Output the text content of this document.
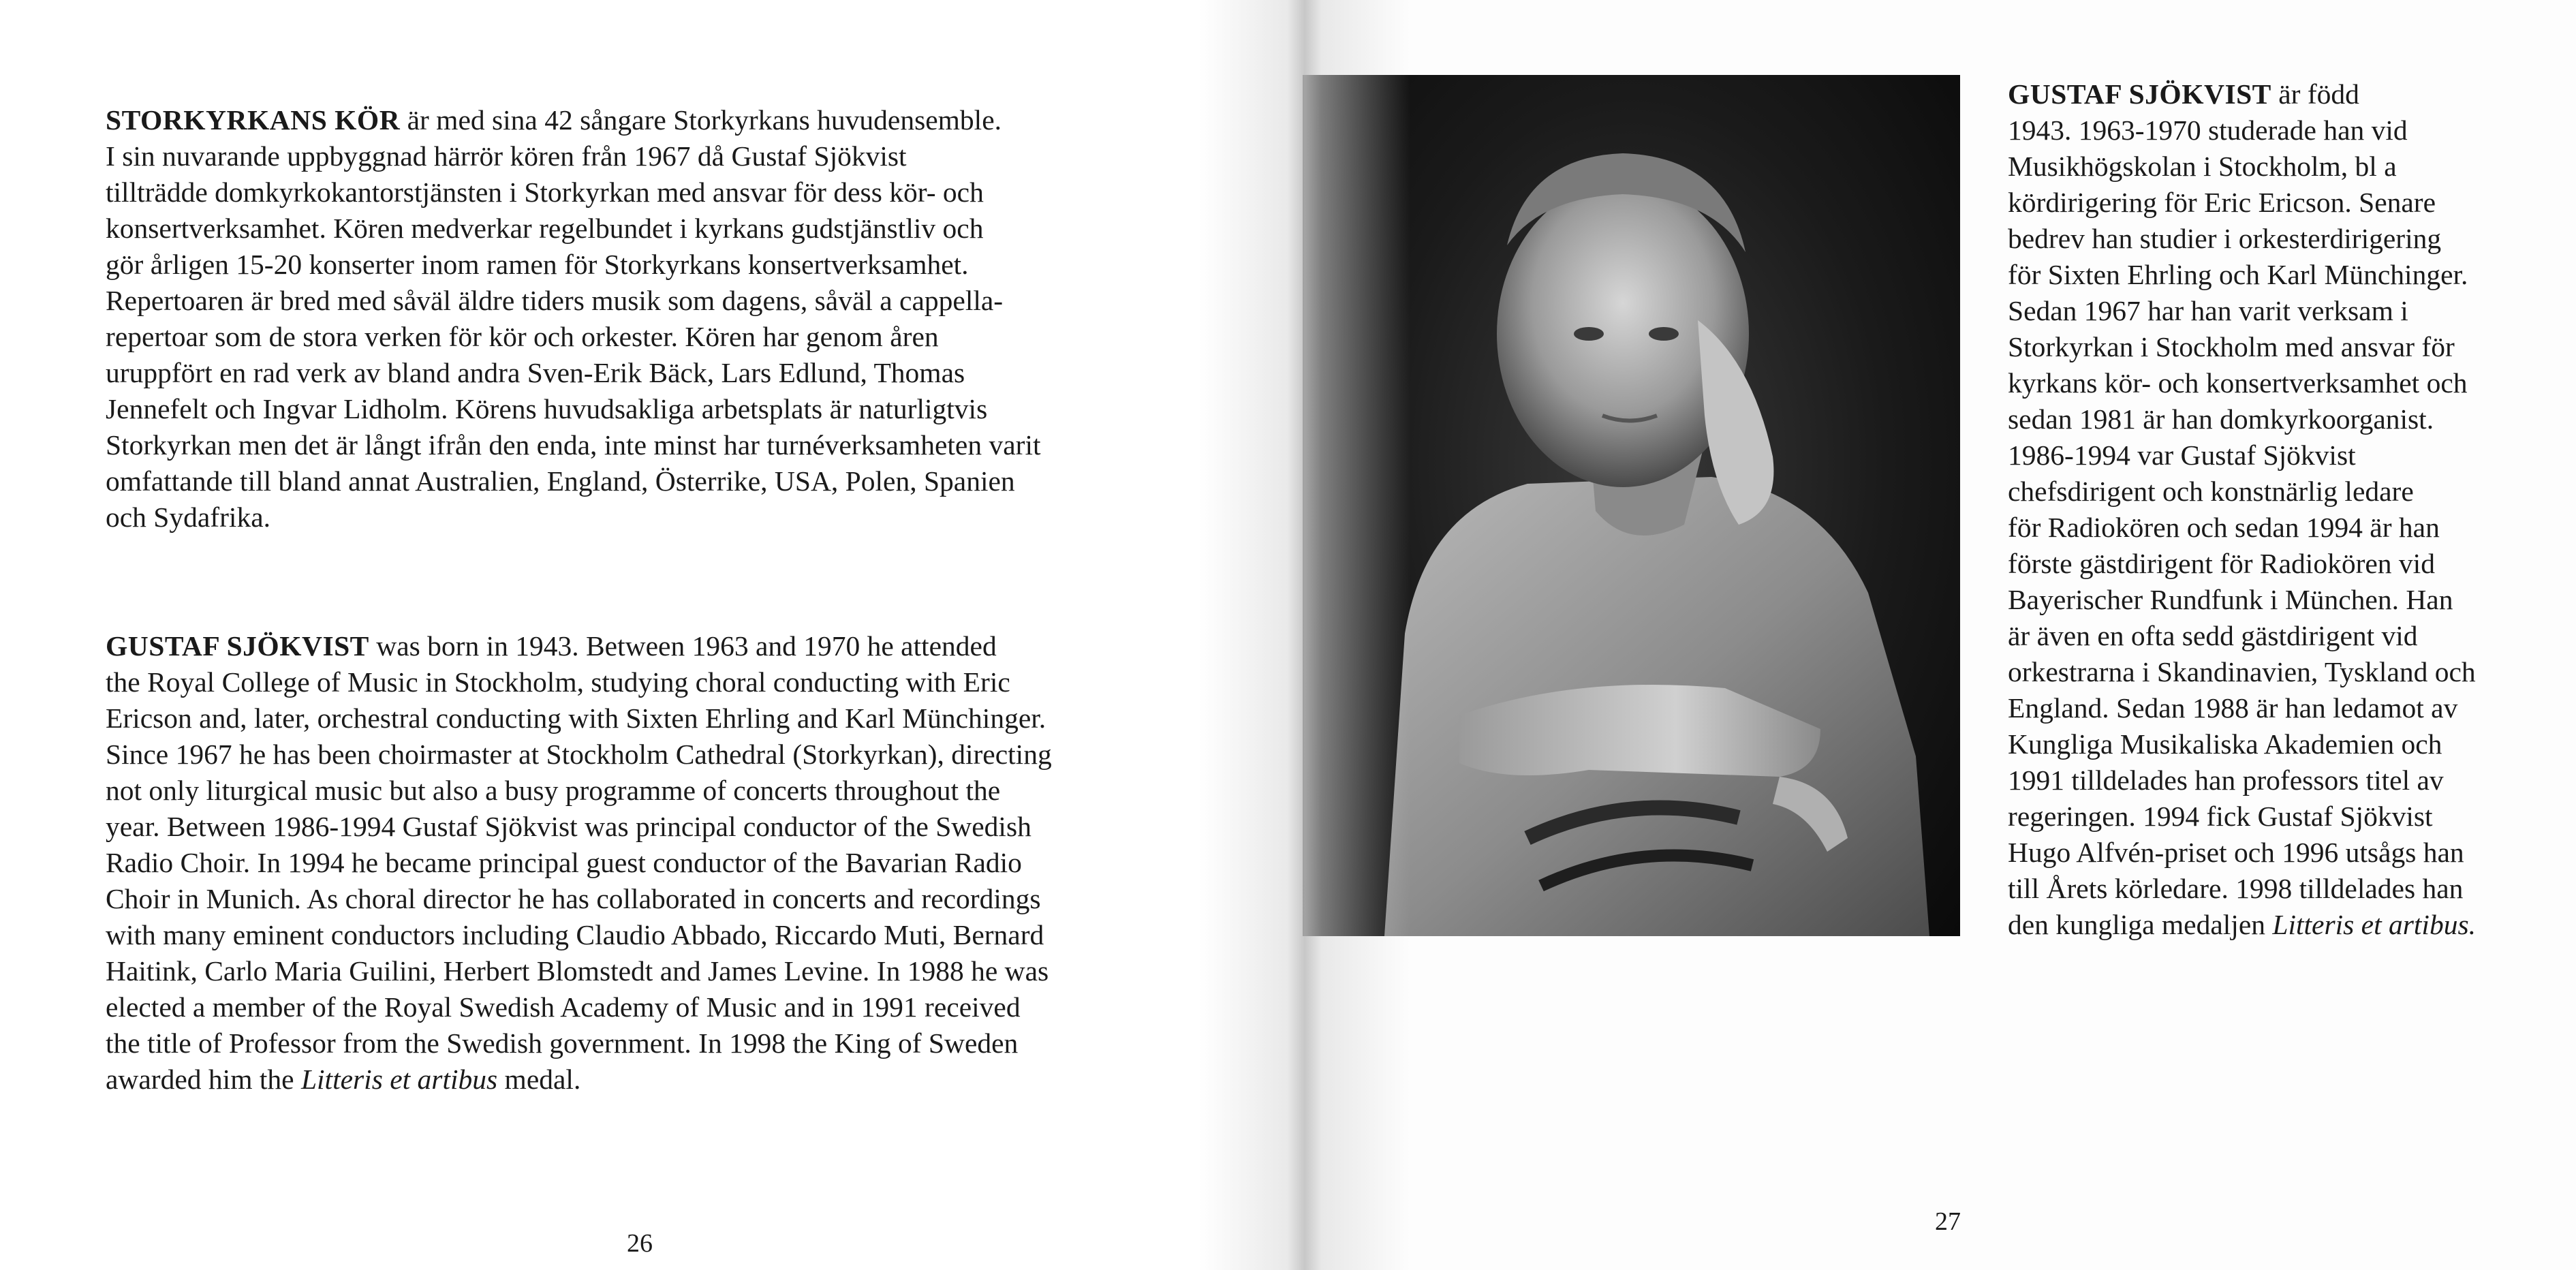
STORKYRKANS KÖR är med sina 42 sångare Storkyrkans huvudensemble.
I sin nuvarande uppbyggnad härrör kören från 1967 då Gustaf Sjökvist
tillträdde domkyrkokantorstjänsten i Storkyrkan med ansvar för dess kör- och
konsertverksamhet. Kören medverkar regelbundet i kyrkans gudstjänstliv och
gör årligen 15-20 konserter inom ramen för Storkyrkans konsertverksamhet.
Repertoaren är bred med såväl äldre tiders musik som dagens, såväl a cappella-
repertoar som de stora verken för kör och orkester. Kören har genom åren
uruppfört en rad verk av bland andra Sven-Erik Bäck, Lars Edlund, Thomas
Jennefelt och Ingvar Lidholm. Körens huvudsakliga arbetsplats är naturligtvis
Storkyrkan men det är långt ifrån den enda, inte minst har turnéverksamheten varit
omfattande till bland annat Australien, England, Österrike, USA, Polen, Spanien
och Sydafrika.
GUSTAF SJÖKVIST was born in 1943. Between 1963 and 1970 he attended
the Royal College of Music in Stockholm, studying choral conducting with Eric
Ericson and, later, orchestral conducting with Sixten Ehrling and Karl Münchinger.
Since 1967 he has been choirmaster at Stockholm Cathedral (Storkyrkan), directing
not only liturgical music but also a busy programme of concerts throughout the
year. Between 1986-1994 Gustaf Sjökvist was principal conductor of the Swedish
Radio Choir. In 1994 he became principal guest conductor of the Bavarian Radio
Choir in Munich. As choral director he has collaborated in concerts and recordings
with many eminent conductors including Claudio Abbado, Riccardo Muti, Bernard
Haitink, Carlo Maria Guilini, Herbert Blomstedt and James Levine. In 1988 he was
elected a member of the Royal Swedish Academy of Music and in 1991 received
the title of Professor from the Swedish government. In 1998 the King of Sweden
awarded him the Litteris et artibus medal.
26
GUSTAF SJÖKVIST är född
1943. 1963-1970 studerade han vid
Musikhögskolan i Stockholm, bl a
kördirigering för Eric Ericson. Senare
bedrev han studier i orkesterdirigering
för Sixten Ehrling och Karl Münchinger.
Sedan 1967 har han varit verksam i
Storkyrkan i Stockholm med ansvar för
kyrkans kör- och konsertverksamhet och
sedan 1981 är han domkyrkoorganist.
1986-1994 var Gustaf Sjökvist
chefsdirigent och konstnärlig ledare
för Radiokören och sedan 1994 är han
förste gästdirigent för Radiokören vid
Bayerischer Rundfunk i München. Han
är även en ofta sedd gästdirigent vid
orkestrarna i Skandinavien, Tyskland och
England. Sedan 1988 är han ledamot av
Kungliga Musikaliska Akademien och
1991 tilldelades han professors titel av
regeringen. 1994 fick Gustaf Sjökvist
Hugo Alfvén-priset och 1996 utsågs han
till Årets körledare. 1998 tilldelades han
den kungliga medaljen Litteris et artibus.
27
